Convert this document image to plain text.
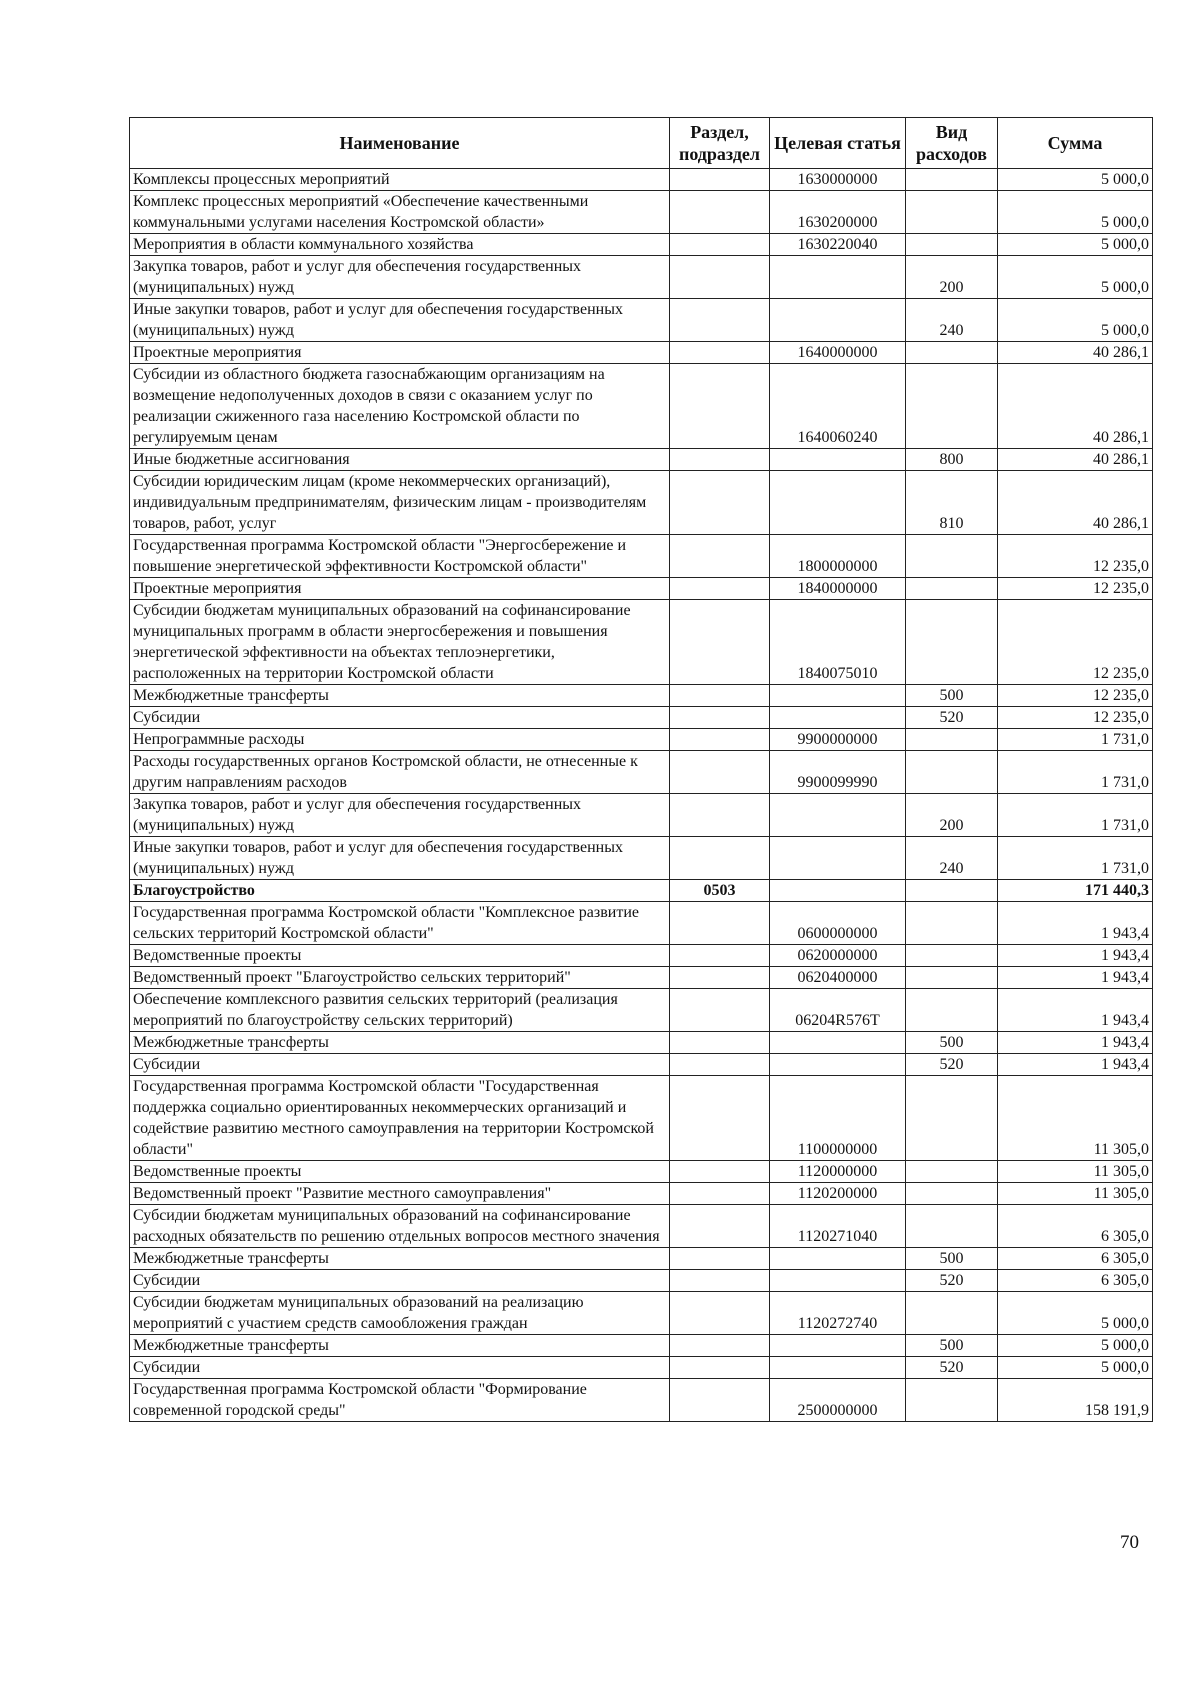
Наименование	Раздел, подраздел	Целевая статья	Вид расходов	Сумма
Комплексы процессных мероприятий		1630000000		5 000,0
Комплекс процессных мероприятий «Обеспечение качественными коммунальными услугами населения Костромской области»		1630200000		5 000,0
Мероприятия в области коммунального хозяйства		1630220040		5 000,0
Закупка товаров, работ и услуг для обеспечения государственных (муниципальных) нужд			200	5 000,0
Иные закупки товаров, работ и услуг для обеспечения государственных (муниципальных) нужд			240	5 000,0
Проектные мероприятия		1640000000		40 286,1
Субсидии из областного бюджета газоснабжающим организациям на возмещение недополученных доходов в связи с оказанием услуг по реализации сжиженного газа населению Костромской области по регулируемым ценам		1640060240		40 286,1
Иные бюджетные ассигнования			800	40 286,1
Субсидии юридическим лицам (кроме некоммерческих организаций), индивидуальным предпринимателям, физическим лицам - производителям товаров, работ, услуг			810	40 286,1
Государственная программа Костромской области "Энергосбережение и повышение энергетической эффективности Костромской области"		1800000000		12 235,0
Проектные мероприятия		1840000000		12 235,0
Субсидии бюджетам муниципальных образований на софинансирование муниципальных программ в области энергосбережения и повышения энергетической эффективности на объектах теплоэнергетики, расположенных на территории Костромской области		1840075010		12 235,0
Межбюджетные трансферты			500	12 235,0
Субсидии			520	12 235,0
Непрограммные расходы		9900000000		1 731,0
Расходы государственных органов Костромской области, не отнесенные к другим направлениям расходов		9900099990		1 731,0
Закупка товаров, работ и услуг для обеспечения государственных (муниципальных) нужд			200	1 731,0
Иные закупки товаров, работ и услуг для обеспечения государственных (муниципальных) нужд			240	1 731,0
Благоустройство	0503			171 440,3
Государственная программа Костромской области "Комплексное развитие сельских территорий Костромской области"		0600000000		1 943,4
Ведомственные проекты		0620000000		1 943,4
Ведомственный проект "Благоустройство сельских территорий"		0620400000		1 943,4
Обеспечение комплексного развития сельских территорий (реализация мероприятий по благоустройству сельских территорий)		06204R576Т		1 943,4
Межбюджетные трансферты			500	1 943,4
Субсидии			520	1 943,4
Государственная программа Костромской области "Государственная поддержка социально ориентированных некоммерческих организаций и содействие развитию местного самоуправления на территории Костромской области"		1100000000		11 305,0
Ведомственные проекты		1120000000		11 305,0
Ведомственный проект "Развитие местного самоуправления"		1120200000		11 305,0
Субсидии бюджетам муниципальных образований на софинансирование расходных обязательств по решению отдельных вопросов местного значения		1120271040		6 305,0
Межбюджетные трансферты			500	6 305,0
Субсидии			520	6 305,0
Субсидии бюджетам муниципальных образований на реализацию мероприятий с участием средств самообложения граждан		1120272740		5 000,0
Межбюджетные трансферты			500	5 000,0
Субсидии			520	5 000,0
Государственная программа Костромской области "Формирование современной городской среды"		2500000000		158 191,9
70
